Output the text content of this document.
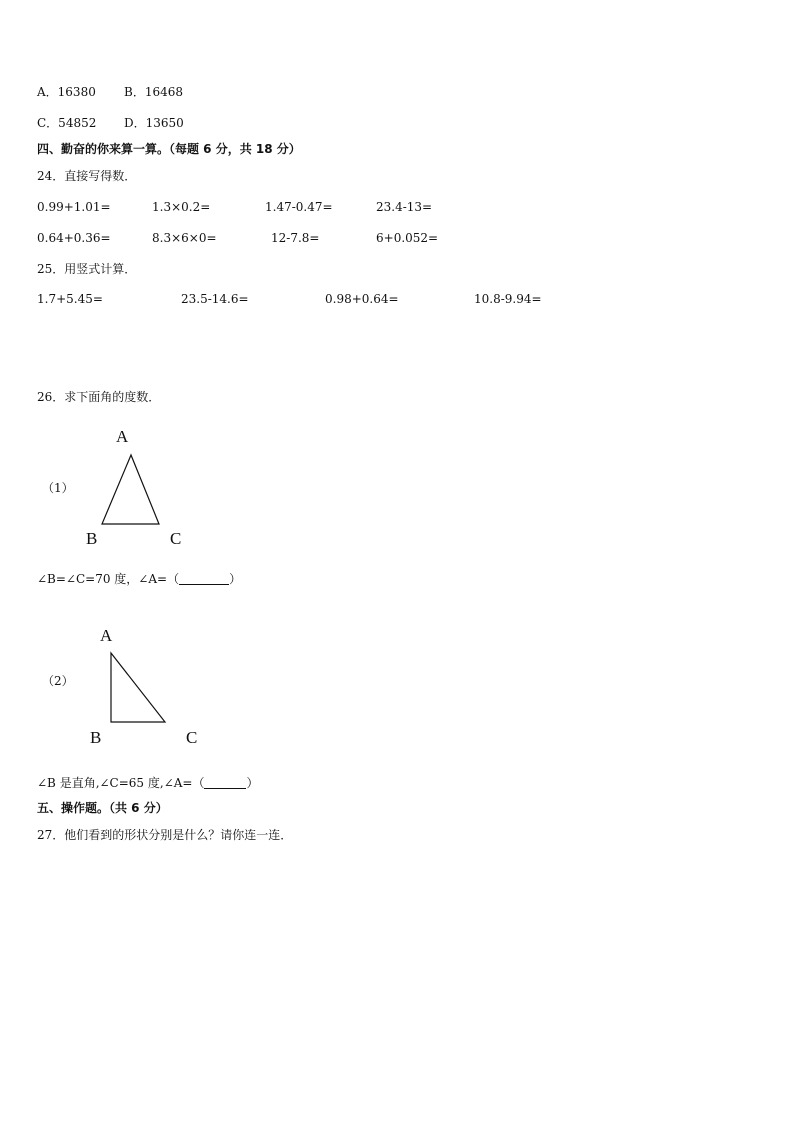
A．16380 B．16468
C．54852 D．13650
四、勤奋的你来算一算。（每题 6 分，共 18 分）
24．直接写得数．
0.99+1.01=	1.3×0.2=	1.47-0.47=	23.4-13=
0.64+0.36=	8.3×6×0=	12-7.8=	6+0.052=
25．用竖式计算．
1.7+5.45=	23.5-14.6=	0.98+0.64=	10.8-9.94=
26．求下面角的度数．
（1）
A
B	C
∠B=∠C=70 度，∠A=（	）
（2）
A
B	C
∠B 是直角,∠C=65 度,∠A=（	）
五、操作题。（共 6 分）
27．他们看到的形状分别是什么？请你连一连．
